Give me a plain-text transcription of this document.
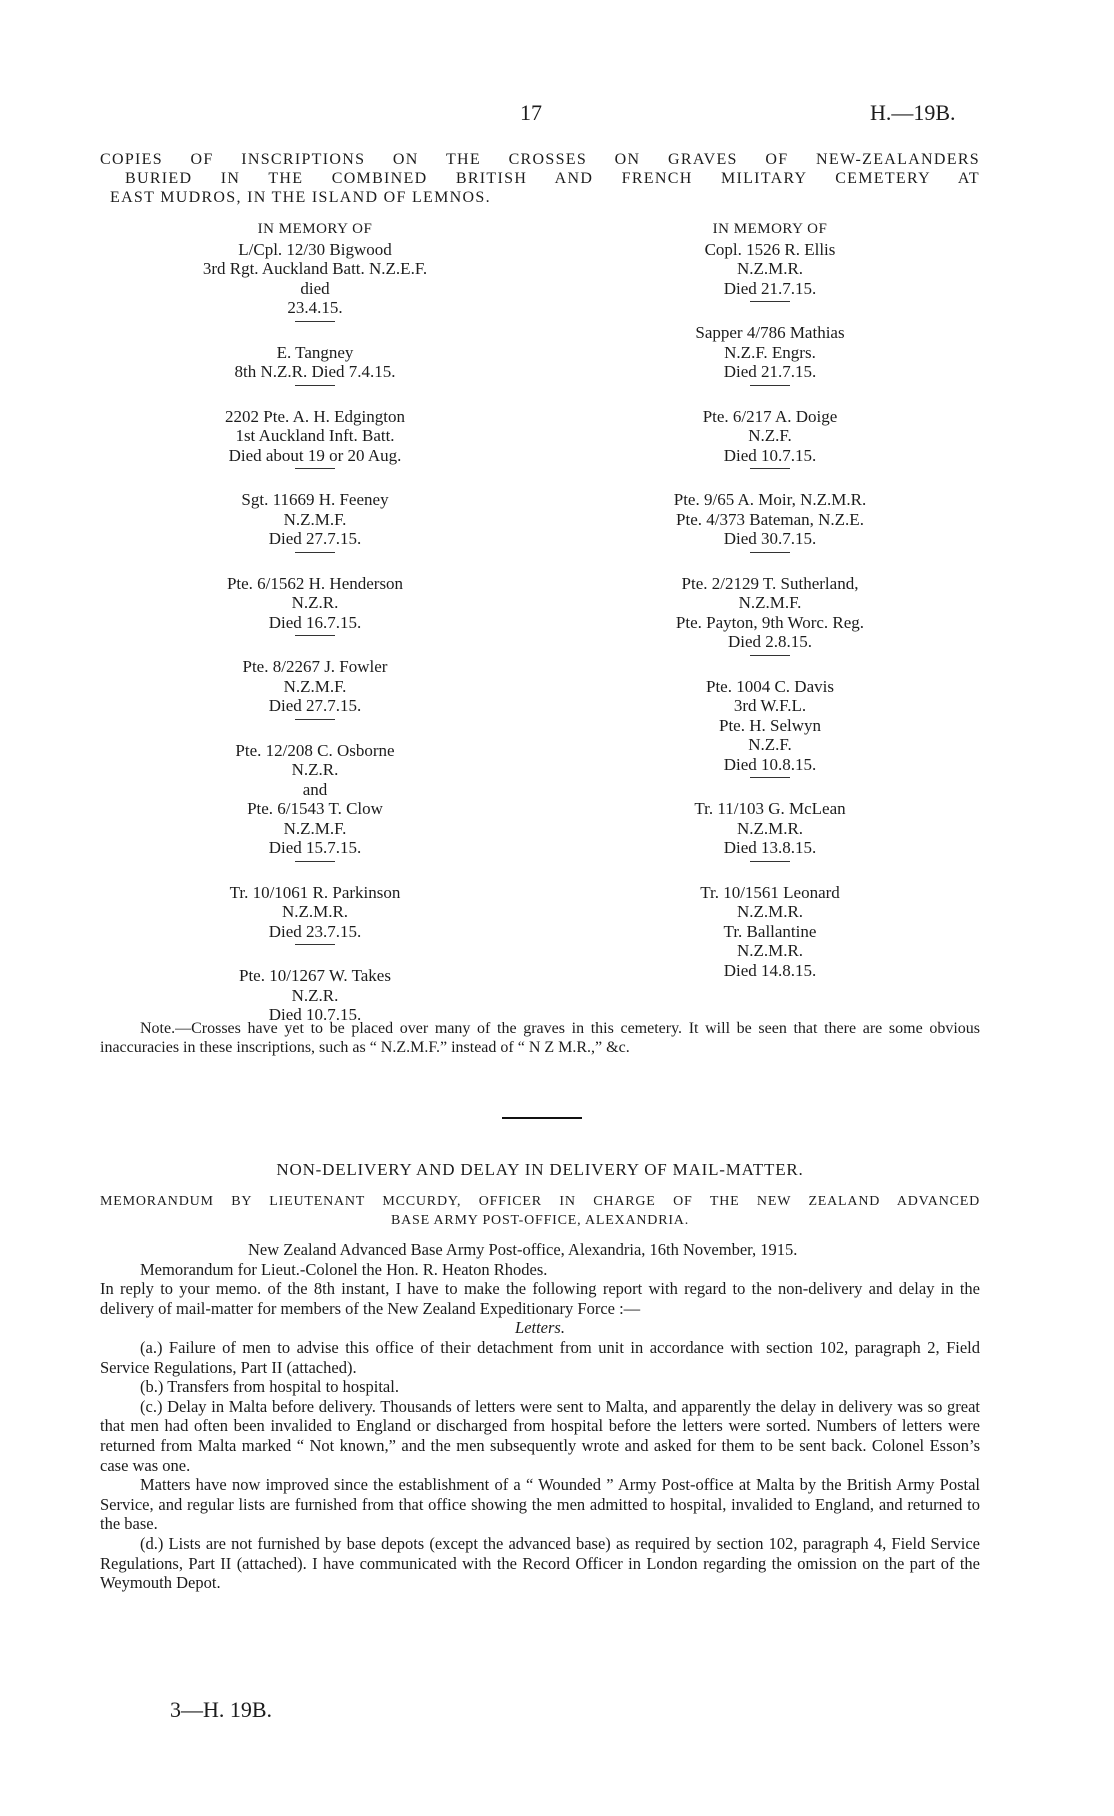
17	H.—19B.
COPIES OF INSCRIPTIONS ON THE CROSSES ON GRAVES OF NEW-ZEALANDERS
BURIED IN THE COMBINED BRITISH AND FRENCH MILITARY CEMETERY AT
EAST MUDROS, IN THE ISLAND OF LEMNOS.
IN MEMORY OF
L/Cpl. 12/30 Bigwood
3rd Rgt. Auckland Batt. N.Z.E.F.
died
23.4.15.
E. Tangney
8th N.Z.R. Died 7.4.15.
2202 Pte. A. H. Edgington
1st Auckland Inft. Batt.
Died about 19 or 20 Aug.
Sgt. 11669 H. Feeney
N.Z.M.F.
Died 27.7.15.
Pte. 6/1562 H. Henderson
N.Z.R.
Died 16.7.15.
Pte. 8/2267 J. Fowler
N.Z.M.F.
Died 27.7.15.
Pte. 12/208 C. Osborne
N.Z.R.
and
Pte. 6/1543 T. Clow
N.Z.M.F.
Died 15.7.15.
Tr. 10/1061 R. Parkinson
N.Z.M.R.
Died 23.7.15.
Pte. 10/1267 W. Takes
N.Z.R.
Died 10.7.15.
IN MEMORY OF
Copl. 1526 R. Ellis
N.Z.M.R.
Died 21.7.15.
Sapper 4/786 Mathias
N.Z.F. Engrs.
Died 21.7.15.
Pte. 6/217 A. Doige
N.Z.F.
Died 10.7.15.
Pte. 9/65 A. Moir, N.Z.M.R.
Pte. 4/373 Bateman, N.Z.E.
Died 30.7.15.
Pte. 2/2129 T. Sutherland,
N.Z.M.F.
Pte. Payton, 9th Worc. Reg.
Died 2.8.15.
Pte. 1004 C. Davis
3rd W.F.L.
Pte. H. Selwyn
N.Z.F.
Died 10.8.15.
Tr. 11/103 G. McLean
N.Z.M.R.
Died 13.8.15.
Tr. 10/1561 Leonard
N.Z.M.R.
Tr. Ballantine
N.Z.M.R.
Died 14.8.15.
Note.—Crosses have yet to be placed over many of the graves in this cemetery. It will be seen that there are some obvious inaccuracies in these inscriptions, such as “ N.Z.M.F.” instead of “ N Z M.R.,” &c.
NON-DELIVERY AND DELAY IN DELIVERY OF MAIL-MATTER.
MEMORANDUM BY LIEUTENANT MCCURDY, OFFICER IN CHARGE OF THE NEW ZEALAND ADVANCED
BASE ARMY POST-OFFICE, ALEXANDRIA.

New Zealand Advanced Base Army Post-office, Alexandria, 16th November, 1915.

Memorandum for Lieut.-Colonel the Hon. R. Heaton Rhodes.

In reply to your memo. of the 8th instant, I have to make the following report with regard to the non-delivery and delay in the delivery of mail-matter for members of the New Zealand Expeditionary Force :—

Letters.

(a.) Failure of men to advise this office of their detachment from unit in accordance with section 102, paragraph 2, Field Service Regulations, Part II (attached).

(b.) Transfers from hospital to hospital.

(c.) Delay in Malta before delivery. Thousands of letters were sent to Malta, and apparently the delay in delivery was so great that men had often been invalided to England or discharged from hospital before the letters were sorted. Numbers of letters were returned from Malta marked “ Not known,” and the men subsequently wrote and asked for them to be sent back. Colonel Esson’s case was one.

Matters have now improved since the establishment of a “ Wounded ” Army Post-office at Malta by the British Army Postal Service, and regular lists are furnished from that office showing the men admitted to hospital, invalided to England, and returned to the base.

(d.) Lists are not furnished by base depots (except the advanced base) as required by section 102, paragraph 4, Field Service Regulations, Part II (attached). I have communicated with the Record Officer in London regarding the omission on the part of the Weymouth Depot.

3—H. 19B.
